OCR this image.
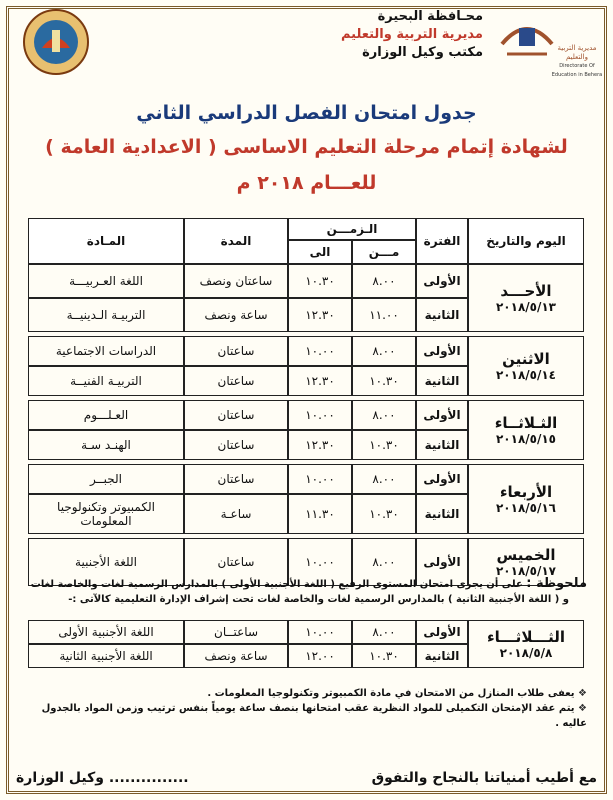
محـافظة البحيرة
مديرية التربية والتعليم
مكتب وكيل الوزارة	مديرية التربية والتعليم
Directorate Of Education in Behera
جدول امتحان الفصل الدراسي الثاني
لشهادة إتمام مرحلة التعليم الاساسى ( الاعدادية العامة )
للعـــام ٢٠١٨ م
اليوم والتاريخ	الفترة	الـزمـــن		المدة	المـادة
		مـــن	الى		

الأحـــد
٢٠١٨/٥/١٣	الأولى	٨.٠٠	١٠.٣٠	ساعتان ونصف	اللغة العـربيـــة
	الثانية	١١.٠٠	١٢.٣٠	ساعة ونصف	التربيـة الـدينيــة

الاثنين
٢٠١٨/٥/١٤	الأولى	٨.٠٠	١٠.٠٠	ساعتان	الدراسات الاجتماعية
	الثانية	١٠.٣٠	١٢.٣٠	ساعتان	التربيـة الفنيــة

الثـلاثــاء
٢٠١٨/٥/١٥	الأولى	٨.٠٠	١٠.٠٠	ساعتان	العـلـــوم
	الثانية	١٠.٣٠	١٢.٣٠	ساعتان	الهنـد سـة

الأربعاء
٢٠١٨/٥/١٦	الأولى	٨.٠٠	١٠.٠٠	ساعتان	الجبــر
	الثانية	١٠.٣٠	١١.٣٠	ساعـة	الكمبيوتر وتكنولوجيا المعلومات

الخميس
٢٠١٨/٥/١٧	الأولى	٨.٠٠	١٠.٠٠	ساعتان	اللغة الأجنبية
ملحوظة : على أن يجرى امتحان المستوى الرفيع ( اللغة الأجنبية الأولى ) بالمدارس الرسمية لغات والخاصة لغات
و ( اللغة الأجنبية الثانية ) بالمدارس الرسمية لغات والخاصة لغات تحت إشراف الإدارة التعليمية كالآتى :-
الثـــلاثـــاء
٢٠١٨/٥/٨	الأولى	٨.٠٠	١٠.٠٠	ساعتــان	اللغة الأجنبية الأولى
	الثانية	١٠.٣٠	١٢.٠٠	ساعة ونصف	اللغة الأجنبية الثانية
❖ يعفى طلاب المنازل من الامتحان في مادة الكمبيوتر وتكنولوجيا المعلومات .
❖ يتم عقد الإمتحان التكميلى للمواد النظرية عقب امتحانها بنصف ساعة يومياً بنفس ترتيب وزمن المواد بالجدول عاليه .
مع أطيب أمنياتنا بالنجاح والتفوق
............... وكيل الوزارة
